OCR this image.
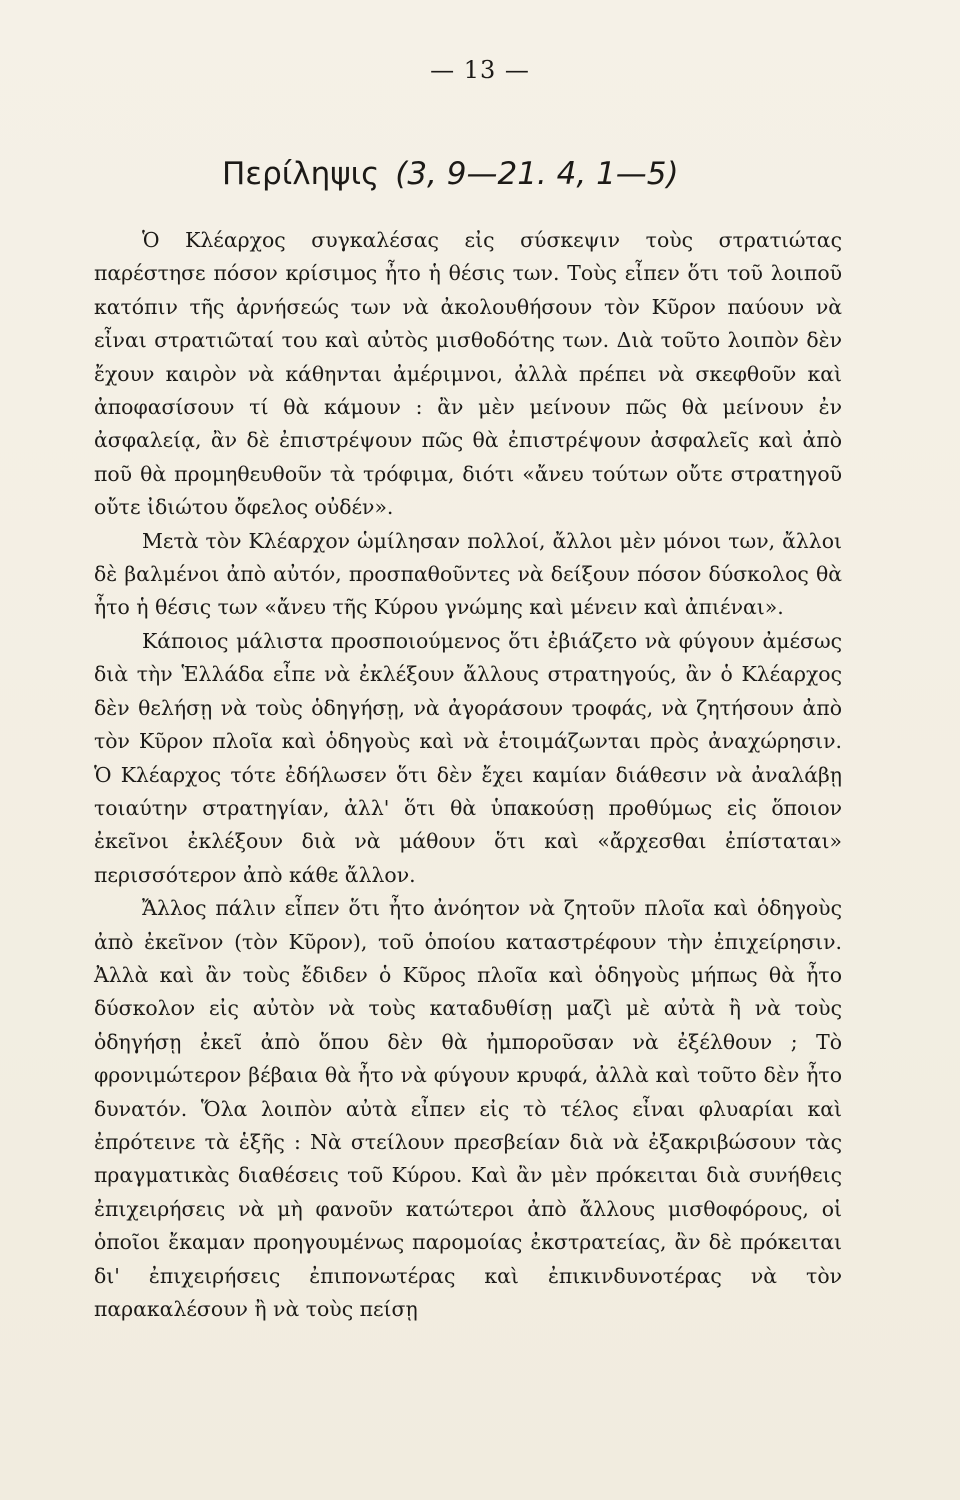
— 13 —
Περίληψις (3, 9—21. 4, 1—5)

Ὁ Κλέαρχος συγκαλέσας εἰς σύσκεψιν τοὺς στρατιώτας παρέστησε πόσον κρίσιμος ἦτο ἡ θέσις των. Τοὺς εἶπεν ὅτι τοῦ λοιποῦ κατόπιν τῆς ἀρνήσεώς των νὰ ἀκολουθήσουν τὸν Κῦρον παύουν νὰ εἶναι στρατιῶταί του καὶ αὐτὸς μισθοδότης των. Διὰ τοῦτο λοιπὸν δὲν ἔχουν καιρὸν νὰ κάθηνται ἀμέριμνοι, ἀλλὰ πρέπει νὰ σκεφθοῦν καὶ ἀποφασίσουν τί θὰ κάμουν : ἂν μὲν μείνουν πῶς θὰ μείνουν ἐν ἀσφαλείᾳ, ἂν δὲ ἐπιστρέψουν πῶς θὰ ἐπιστρέψουν ἀσφαλεῖς καὶ ἀπὸ ποῦ θὰ προμηθευθοῦν τὰ τρόφιμα, διότι «ἄνευ τούτων οὔτε στρατηγοῦ οὔτε ἰδιώτου ὄφελος οὐδέν».

Μετὰ τὸν Κλέαρχον ὡμίλησαν πολλοί, ἄλλοι μὲν μόνοι των, ἄλλοι δὲ βαλμένοι ἀπὸ αὐτόν, προσπαθοῦντες νὰ δείξουν πόσον δύσκολος θὰ ἦτο ἡ θέσις των «ἄνευ τῆς Κύρου γνώμης καὶ μένειν καὶ ἀπιέναι».

Κάποιος μάλιστα προσποιούμενος ὅτι ἐβιάζετο νὰ φύγουν ἀμέσως διὰ τὴν Ἑλλάδα εἶπε νὰ ἐκλέξουν ἄλλους στρατηγούς, ἂν ὁ Κλέαρχος δὲν θελήσῃ νὰ τοὺς ὁδηγήσῃ, νὰ ἀγοράσουν τροφάς, νὰ ζητήσουν ἀπὸ τὸν Κῦρον πλοῖα καὶ ὁδηγοὺς καὶ νὰ ἑτοιμάζωνται πρὸς ἀναχώρησιν. Ὁ Κλέαρχος τότε ἐδήλωσεν ὅτι δὲν ἔχει καμίαν διάθεσιν νὰ ἀναλάβῃ τοιαύτην στρατηγίαν, ἀλλ' ὅτι θὰ ὑπακούσῃ προθύμως εἰς ὅποιον ἐκεῖνοι ἐκλέξουν διὰ νὰ μάθουν ὅτι καὶ «ἄρχεσθαι ἐπίσταται» περισσότερον ἀπὸ κάθε ἄλλον.

Ἄλλος πάλιν εἶπεν ὅτι ἦτο ἀνόητον νὰ ζητοῦν πλοῖα καὶ ὁδηγοὺς ἀπὸ ἐκεῖνον (τὸν Κῦρον), τοῦ ὁποίου καταστρέφουν τὴν ἐπιχείρησιν. Ἀλλὰ καὶ ἂν τοὺς ἔδιδεν ὁ Κῦρος πλοῖα καὶ ὁδηγοὺς μήπως θὰ ἦτο δύσκολον εἰς αὐτὸν νὰ τοὺς καταδυθίσῃ μαζὶ μὲ αὐτὰ ἢ νὰ τοὺς ὁδηγήσῃ ἐκεῖ ἀπὸ ὅπου δὲν θὰ ἠμποροῦσαν νὰ ἐξέλθουν ; Τὸ φρονιμώτερον βέβαια θὰ ἦτο νὰ φύγουν κρυφά, ἀλλὰ καὶ τοῦτο δὲν ἦτο δυνατόν. Ὅλα λοιπὸν αὐτὰ εἶπεν εἰς τὸ τέλος εἶναι φλυαρίαι καὶ ἐπρότεινε τὰ ἑξῆς : Νὰ στείλουν πρεσβείαν διὰ νὰ ἐξακριβώσουν τὰς πραγματικὰς διαθέσεις τοῦ Κύρου. Καὶ ἂν μὲν πρόκειται διὰ συνήθεις ἐπιχειρήσεις νὰ μὴ φανοῦν κατώτεροι ἀπὸ ἄλλους μισθοφόρους, οἱ ὁποῖοι ἔκαμαν προηγουμένως παρομοίας ἐκστρατείας, ἂν δὲ πρόκειται δι' ἐπιχειρήσεις ἐπιπονωτέρας καὶ ἐπικινδυνοτέρας νὰ τὸν παρακαλέσουν ἢ νὰ τοὺς πείσῃ
